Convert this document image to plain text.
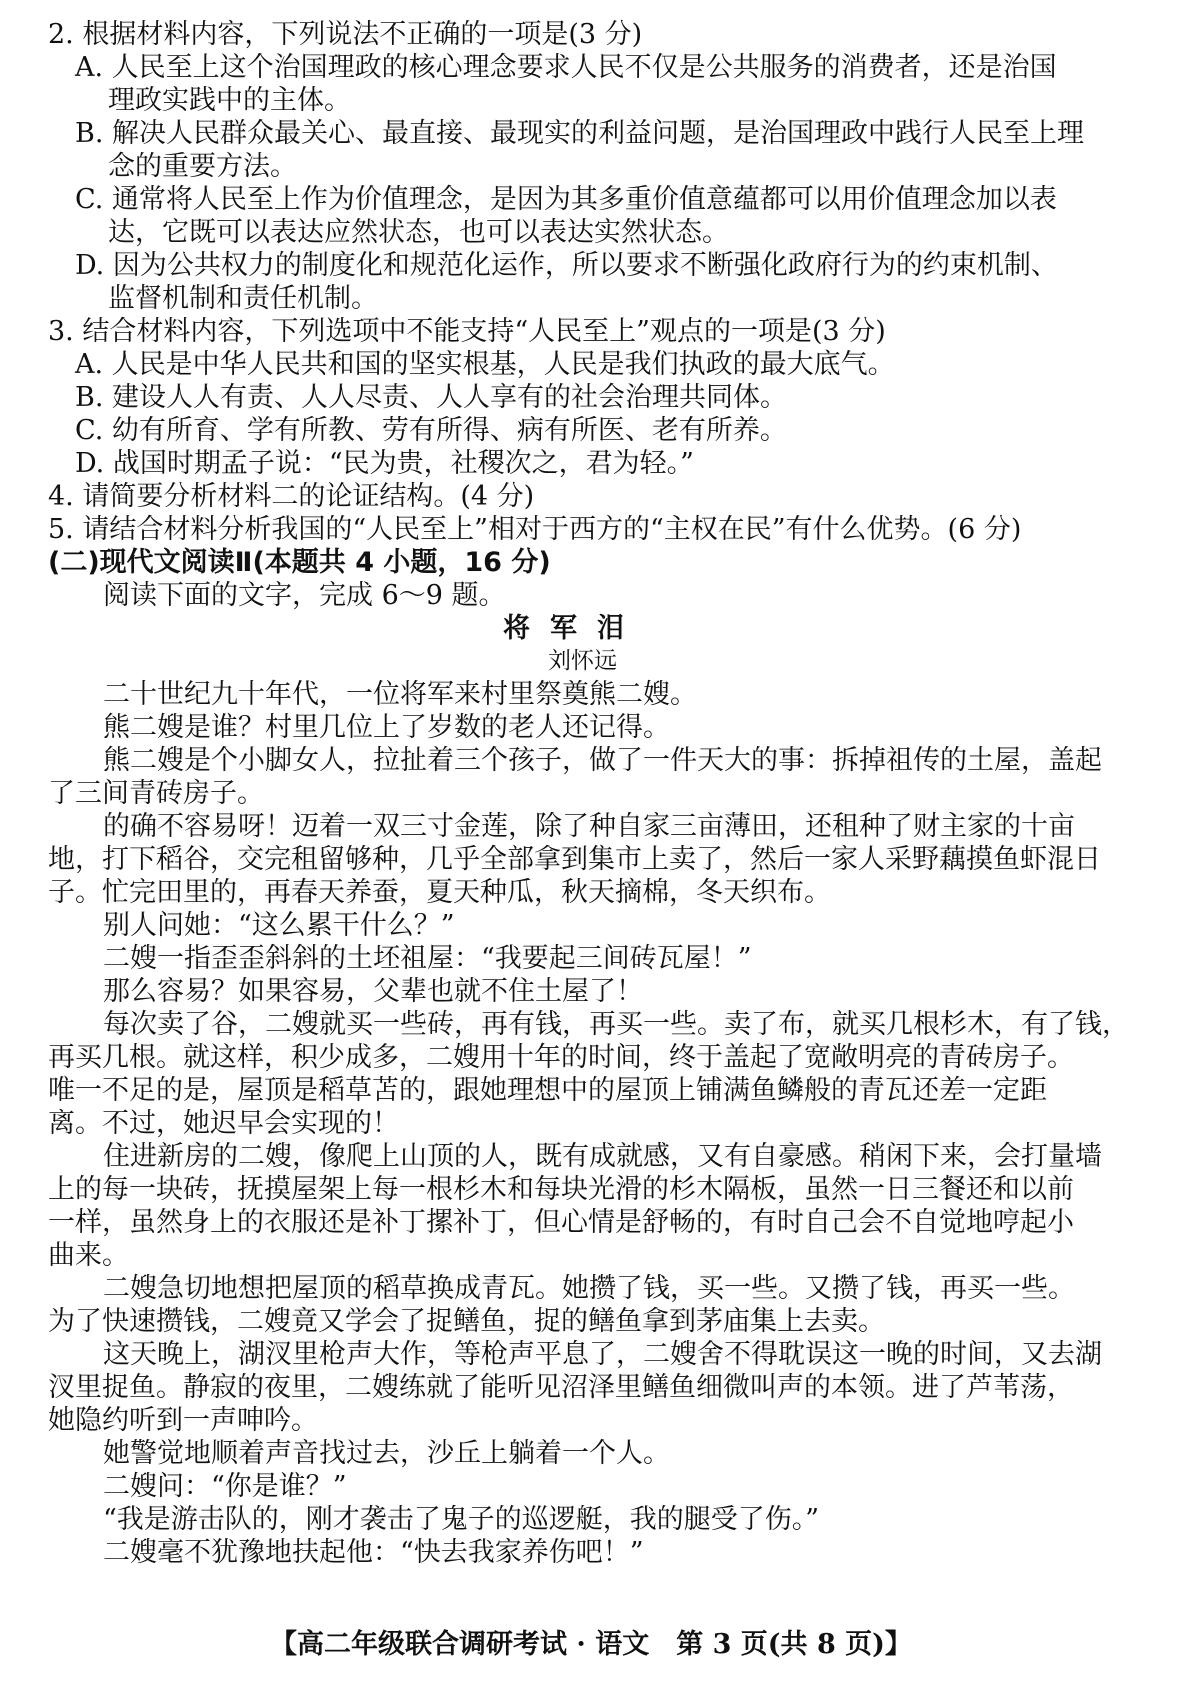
2. 根据材料内容，下列说法不正确的一项是(3 分)
A. 人民至上这个治国理政的核心理念要求人民不仅是公共服务的消费者，还是治国
理政实践中的主体。
B. 解决人民群众最关心、最直接、最现实的利益问题，是治国理政中践行人民至上理
念的重要方法。
C. 通常将人民至上作为价值理念，是因为其多重价值意蕴都可以用价值理念加以表
达，它既可以表达应然状态，也可以表达实然状态。
D. 因为公共权力的制度化和规范化运作，所以要求不断强化政府行为的约束机制、
监督机制和责任机制。
3. 结合材料内容，下列选项中不能支持“人民至上”观点的一项是(3 分)
A. 人民是中华人民共和国的坚实根基，人民是我们执政的最大底气。
B. 建设人人有责、人人尽责、人人享有的社会治理共同体。
C. 幼有所育、学有所教、劳有所得、病有所医、老有所养。
D. 战国时期孟子说：“民为贵，社稷次之，君为轻。”
4. 请简要分析材料二的论证结构。(4 分)
5. 请结合材料分析我国的“人民至上”相对于西方的“主权在民”有什么优势。(6 分)
(二)现代文阅读Ⅱ(本题共 4 小题，16 分)
阅读下面的文字，完成 6～9 题。
将军泪
刘怀远
二十世纪九十年代，一位将军来村里祭奠熊二嫂。
熊二嫂是谁？村里几位上了岁数的老人还记得。
熊二嫂是个小脚女人，拉扯着三个孩子，做了一件天大的事：拆掉祖传的土屋，盖起
了三间青砖房子。
的确不容易呀！迈着一双三寸金莲，除了种自家三亩薄田，还租种了财主家的十亩
地，打下稻谷，交完租留够种，几乎全部拿到集市上卖了，然后一家人采野藕摸鱼虾混日
子。忙完田里的，再春天养蚕，夏天种瓜，秋天摘棉，冬天织布。
别人问她：“这么累干什么？”
二嫂一指歪歪斜斜的土坯祖屋：“我要起三间砖瓦屋！”
那么容易？如果容易，父辈也就不住土屋了！
每次卖了谷，二嫂就买一些砖，再有钱，再买一些。卖了布，就买几根杉木，有了钱，
再买几根。就这样，积少成多，二嫂用十年的时间，终于盖起了宽敞明亮的青砖房子。
唯一不足的是，屋顶是稻草苫的，跟她理想中的屋顶上铺满鱼鳞般的青瓦还差一定距
离。不过，她迟早会实现的！
住进新房的二嫂，像爬上山顶的人，既有成就感，又有自豪感。稍闲下来，会打量墙
上的每一块砖，抚摸屋架上每一根杉木和每块光滑的杉木隔板，虽然一日三餐还和以前
一样，虽然身上的衣服还是补丁摞补丁，但心情是舒畅的，有时自己会不自觉地哼起小
曲来。
二嫂急切地想把屋顶的稻草换成青瓦。她攒了钱，买一些。又攒了钱，再买一些。
为了快速攒钱，二嫂竟又学会了捉鳝鱼，捉的鳝鱼拿到茅庙集上去卖。
这天晚上，湖汊里枪声大作，等枪声平息了，二嫂舍不得耽误这一晚的时间，又去湖
汊里捉鱼。静寂的夜里，二嫂练就了能听见沼泽里鳝鱼细微叫声的本领。进了芦苇荡，
她隐约听到一声呻吟。
她警觉地顺着声音找过去，沙丘上躺着一个人。
二嫂问：“你是谁？”
“我是游击队的，刚才袭击了鬼子的巡逻艇，我的腿受了伤。”
二嫂毫不犹豫地扶起他：“快去我家养伤吧！”
【高二年级联合调研考试 · 语文　第 3 页(共 8 页)】
